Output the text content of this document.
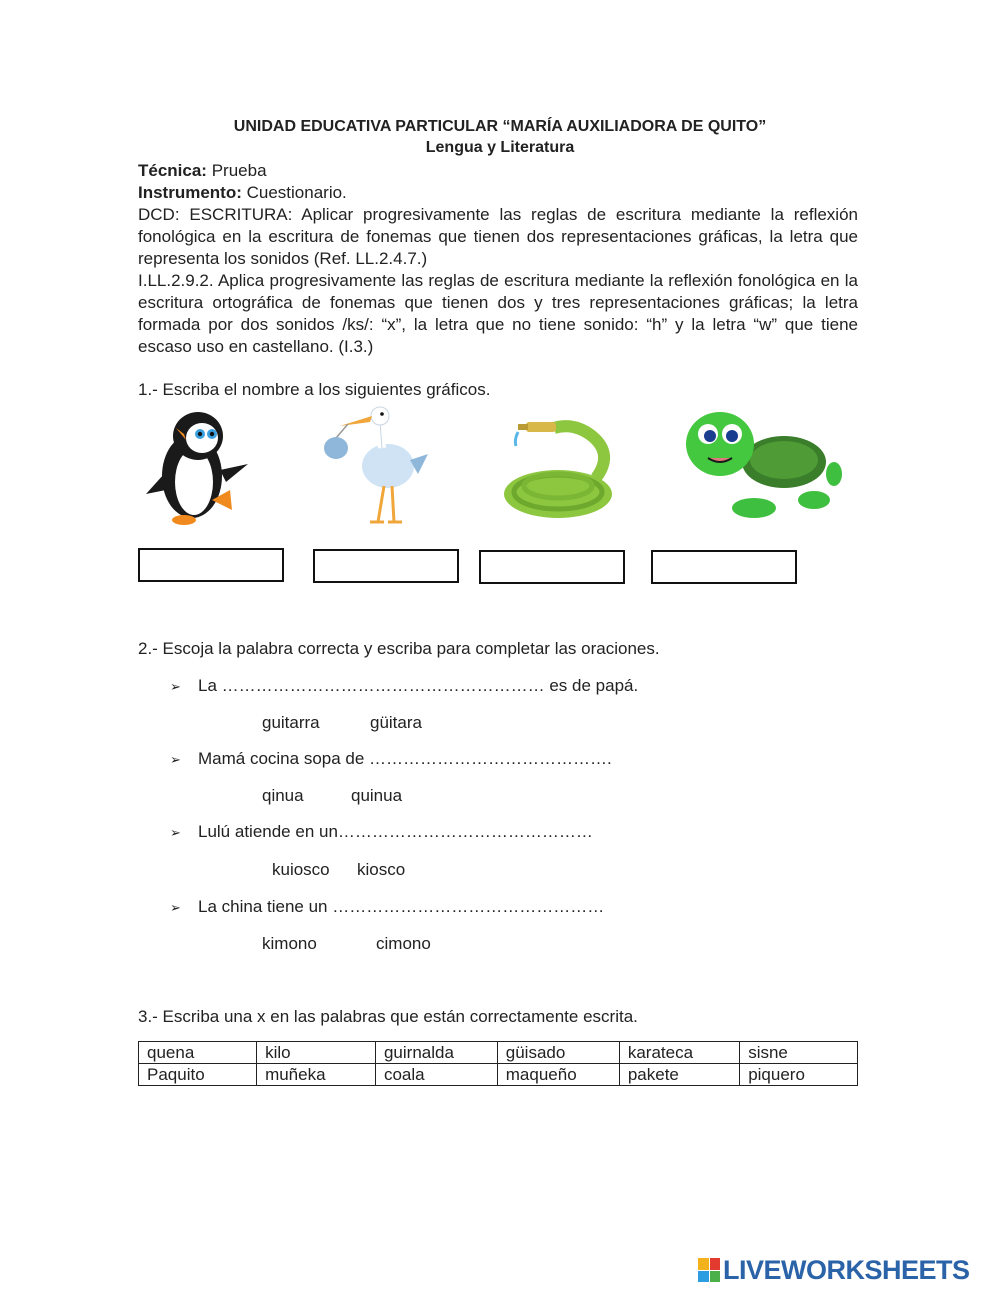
UNIDAD EDUCATIVA PARTICULAR “MARÍA AUXILIADORA DE QUITO”
Lengua y Literatura
Técnica: Prueba
Instrumento: Cuestionario.
DCD: ESCRITURA: Aplicar progresivamente las reglas de escritura mediante la reflexión fonológica en la escritura de fonemas que tienen dos representaciones gráficas, la letra que representa los sonidos (Ref. LL.2.4.7.)
I.LL.2.9.2. Aplica progresivamente las reglas de escritura mediante la reflexión fonológica en la escritura ortográfica de fonemas que tienen dos y tres representaciones gráficas; la letra formada por dos sonidos /ks/: “x”, la letra que no tiene sonido: “h” y la letra “w” que tiene escaso uso en castellano. (I.3.)
1.- Escriba el nombre a los siguientes gráficos.
2.- Escoja la palabra correcta y escriba para completar las oraciones.
➢ La ………………………………………………… es de papá.
guitarra	güitara
➢ Mamá cocina sopa de …………………………………….
qinua	quinua
➢ Lulú atiende en un………………………………………
kuiosco kiosco
➢ La china tiene un …………………………………………
kimono	cimono
3.- Escriba una x en las palabras que están correctamente escrita.
quena	kilo	guirnalda	güisado	karateca	sisne
Paquito	muñeka	coala	maqueño	pakete	piquero
LIVEWORKSHEETS
